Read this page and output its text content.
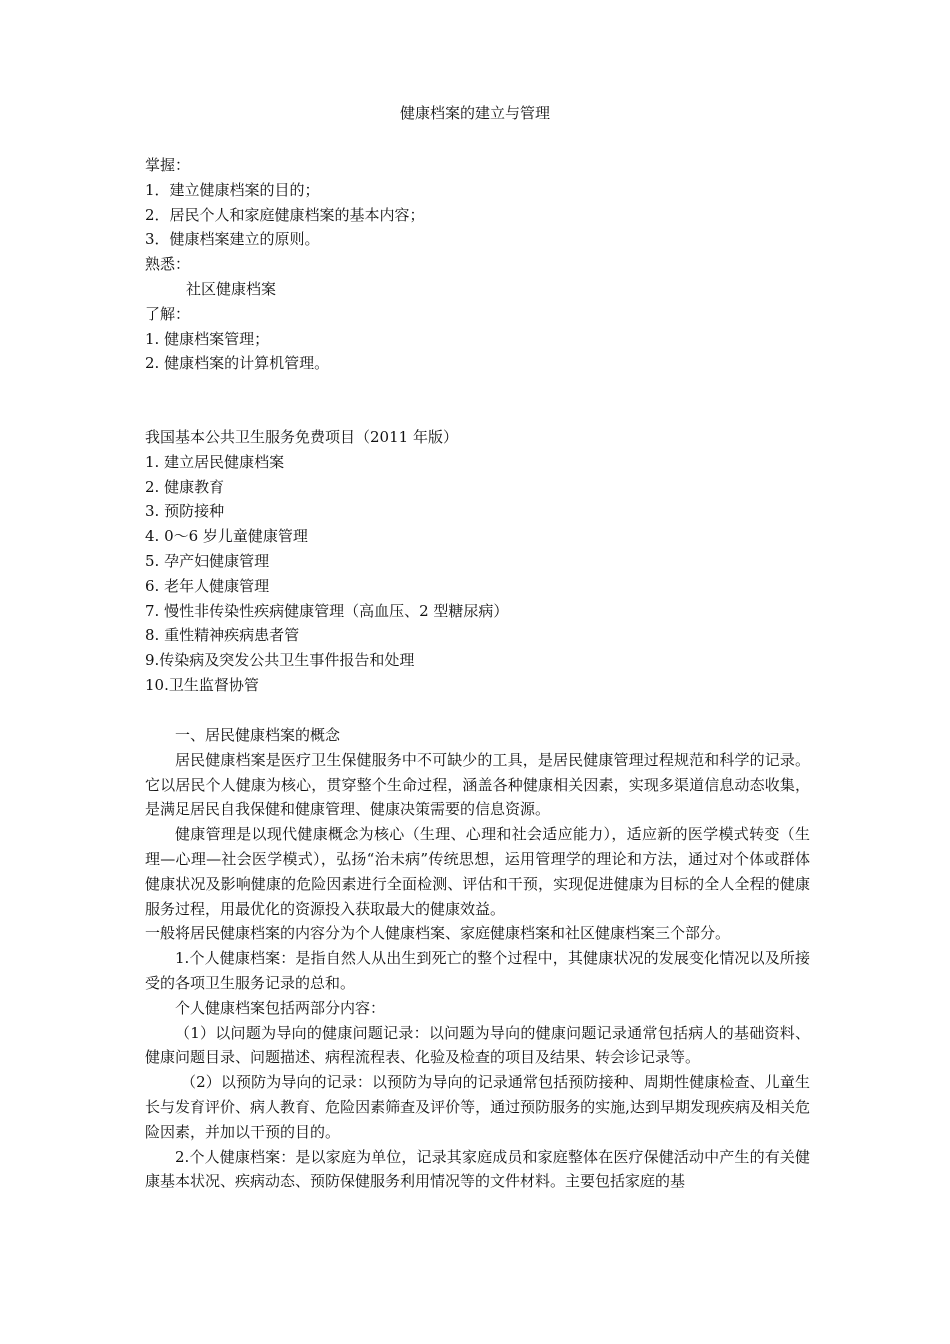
健康档案的建立与管理

掌握：

1．建立健康档案的目的；

2．居民个人和家庭健康档案的基本内容；

3．健康档案建立的原则。

熟悉：

社区健康档案

了解：

1. 健康档案管理；

2. 健康档案的计算机管理。

我国基本公共卫生服务免费项目（2011 年版）

1. 建立居民健康档案

2. 健康教育

3. 预防接种

4. 0～6 岁儿童健康管理

5. 孕产妇健康管理

6. 老年人健康管理

7. 慢性非传染性疾病健康管理（高血压、2 型糖尿病）

8. 重性精神疾病患者管

9.传染病及突发公共卫生事件报告和处理

10.卫生监督协管

一、居民健康档案的概念

居民健康档案是医疗卫生保健服务中不可缺少的工具，是居民健康管理过程规范和科学的记录。它以居民个人健康为核心，贯穿整个生命过程，涵盖各种健康相关因素，实现多渠道信息动态收集，是满足居民自我保健和健康管理、健康决策需要的信息资源。

健康管理是以现代健康概念为核心（生理、心理和社会适应能力），适应新的医学模式转变（生理—心理—社会医学模式），弘扬“治未病”传统思想，运用管理学的理论和方法，通过对个体或群体健康状况及影响健康的危险因素进行全面检测、评估和干预，实现促进健康为目标的全人全程的健康服务过程，用最优化的资源投入获取最大的健康效益。

一般将居民健康档案的内容分为个人健康档案、家庭健康档案和社区健康档案三个部分。

1.个人健康档案：是指自然人从出生到死亡的整个过程中，其健康状况的发展变化情况以及所接受的各项卫生服务记录的总和。

个人健康档案包括两部分内容：

（1）以问题为导向的健康问题记录：以问题为导向的健康问题记录通常包括病人的基础资料、健康问题目录、问题描述、病程流程表、化验及检查的项目及结果、转会诊记录等。

（2）以预防为导向的记录：以预防为导向的记录通常包括预防接种、周期性健康检查、儿童生长与发育评价、病人教育、危险因素筛查及评价等，通过预防服务的实施,达到早期发现疾病及相关危险因素，并加以干预的目的。

2.个人健康档案：是以家庭为单位，记录其家庭成员和家庭整体在医疗保健活动中产生的有关健康基本状况、疾病动态、预防保健服务利用情况等的文件材料。主要包括家庭的基
